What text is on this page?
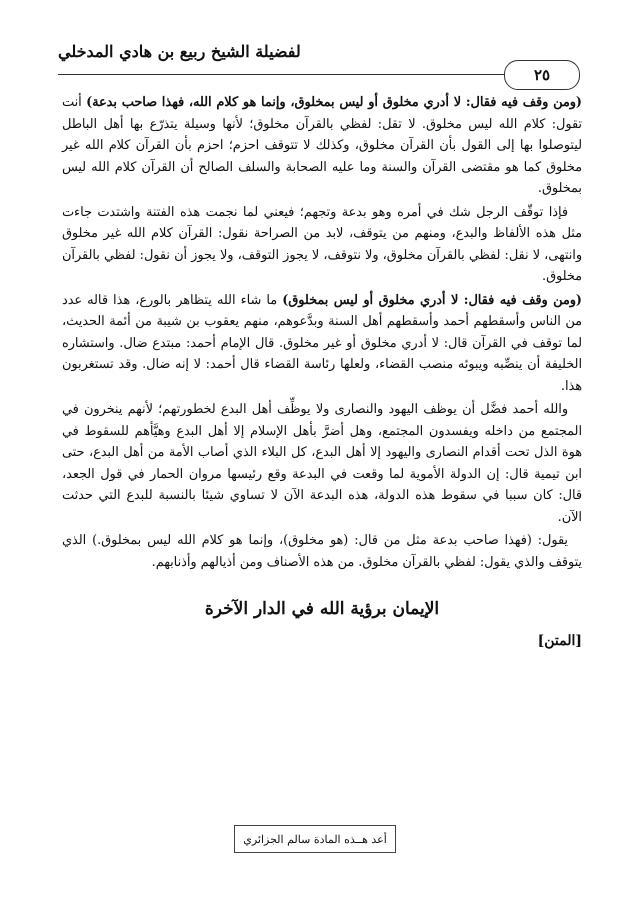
لفضيلة الشيخ ربيع بن هادي المدخلي
٢٥

(ومن وقف فيه فقال: لا أدري مخلوق أو ليس بمخلوق، وإنما هو كلام الله، فهذا صاحب بدعة) أنت تقول: كلام الله ليس مخلوق. لا تقل: لفظي بالقرآن مخلوق؛ لأنها وسيلة يتذرّع بها أهل الباطل ليتوصلوا بها إلى القول بأن القرآن مخلوق، وكذلك لا تتوقف احزم؛ احزم بأن القرآن كلام الله غير مخلوق كما هو مقتضى القرآن والسنة وما عليه الصحابة والسلف الصالح أن القرآن كلام الله ليس بمخلوق.

فإذا توقّف الرجل شك في أمره وهو بدعة وتجهم؛ فيعني لما نجمت هذه الفتنة واشتدت جاءت مثل هذه الألفاظ والبدع، ومنهم من يتوقف، لابد من الصراحة نقول: القرآن كلام الله غير مخلوق وانتهى، لا نقل: لفظي بالقرآن مخلوق، ولا نتوقف، لا يجوز التوقف، ولا يجوز أن نقول: لفظي بالقرآن مخلوق.

(ومن وقف فيه فقال: لا أدري مخلوق أو ليس بمخلوق) ما شاء الله يتظاهر بالورع، هذا قاله عدد من الناس وأسقطهم أحمد وأسقطهم أهل السنة وبدَّعوهم، منهم يعقوب بن شيبة من أئمة الحديث، لما توقف في القرآن قال: لا أدري مخلوق أو غير مخلوق. قال الإمام أحمد: مبتدع ضال. واستشاره الخليفة أن ينصِّبه ويبوئه منصب القضاء، ولعلها رئاسة القضاء قال أحمد: لا إنه ضال. وقد تستغربون هذا.

والله أحمد فضَّل أن يوظف اليهود والنصارى ولا يوظِّف أهل البدع لخطورتهم؛ لأنهم ينخرون في المجتمع من داخله ويفسدون المجتمع، وهل أضرَّ بأهل الإسلام إلا أهل البدع وهيَّأهم للسقوط في هوة الذل تحت أقدام النصارى واليهود إلا أهل البدع، كل البلاء الذي أصاب الأمة من أهل البدع، حتى ابن تيمية قال: إن الدولة الأموية لما وقعت في البدعة وقع رئيسها مروان الحمار في قول الجعد، قال: كان سببا في سقوط هذه الدولة، هذه البدعة الآن لا تساوي شيئا بالنسبة للبدع التي حدثت الآن.

يقول: (فهذا صاحب بدعة مثل من قال: (هو مخلوق)، وإنما هو كلام الله ليس بمخلوق.) الذي يتوقف والذي يقول: لفظي بالقرآن مخلوق. من هذه الأصناف ومن أذيالهم وأذنابهم.

الإيمان برؤية الله في الدار الآخرة
[المتن]
أعد هــذه المادة سالم الجزائري
